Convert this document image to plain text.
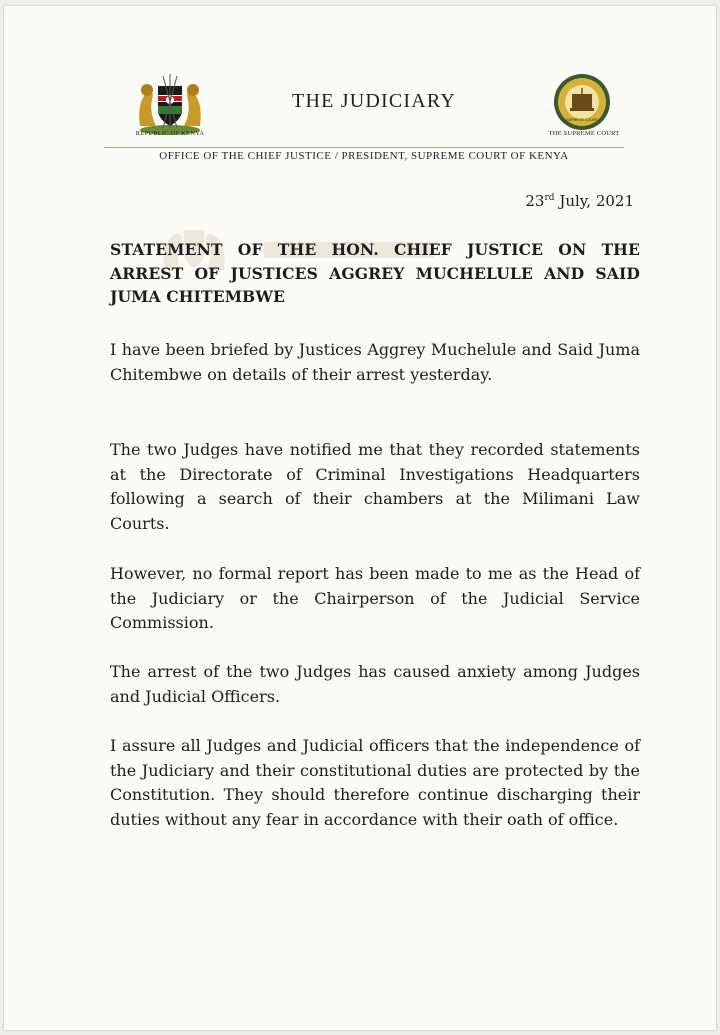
REPUBLIC OF KENYA
THE JUDICIARY
SUPREME COURT
THE SUPREME COURT
OFFICE OF THE CHIEF JUSTICE / PRESIDENT, SUPREME COURT OF KENYA
23rd July, 2021
STATEMENT OF THE HON. CHIEF JUSTICE ON THE ARREST OF JUSTICES AGGREY MUCHELULE AND SAID JUMA CHITEMBWE
I have been briefed by Justices Aggrey Muchelule and Said Juma Chitembwe on details of their arrest yesterday.
The two Judges have notified me that they recorded statements at the Directorate of Criminal Investigations Headquarters following a search of their chambers at the Milimani Law Courts.
However, no formal report has been made to me as the Head of the Judiciary or the Chairperson of the Judicial Service Commission.
The arrest of the two Judges has caused anxiety among Judges and Judicial Officers.
I assure all Judges and Judicial officers that the independence of the Judiciary and their constitutional duties are protected by the Constitution. They should therefore continue discharging their duties without any fear in accordance with their oath of office.
